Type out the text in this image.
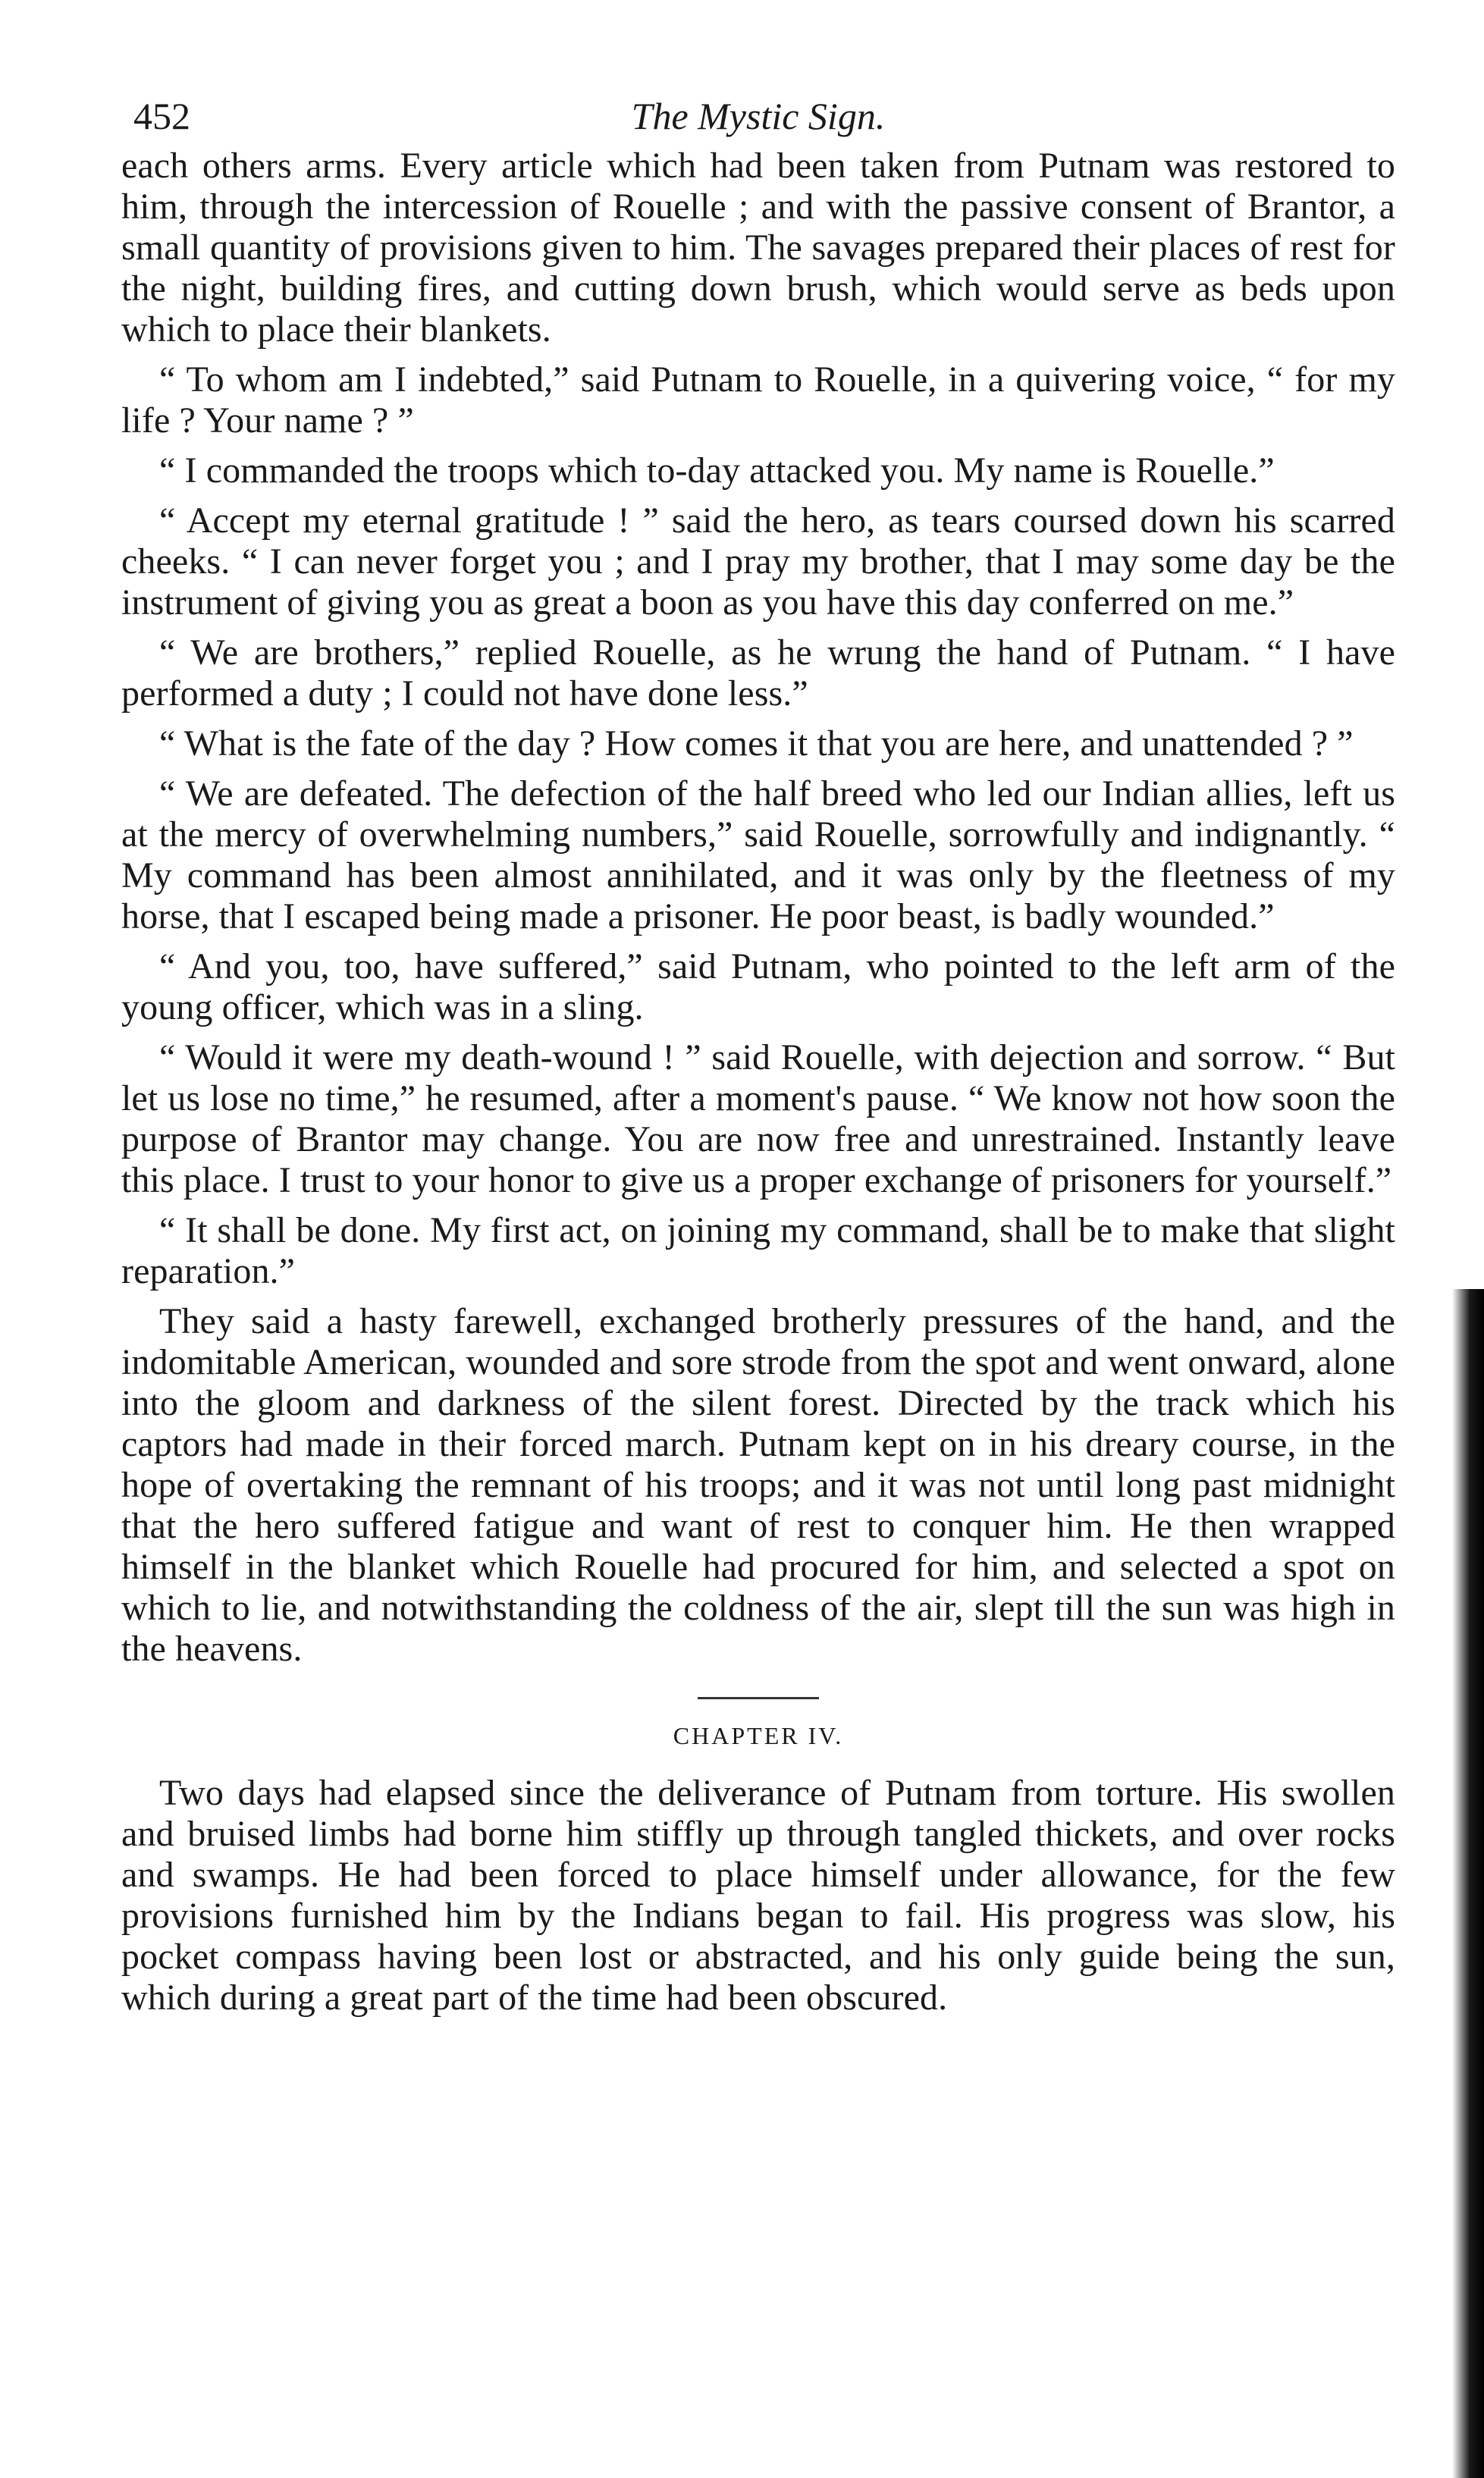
452	The Mystic Sign.

each others arms. Every article which had been taken from Putnam was restored to him, through the intercession of Rouelle ; and with the passive consent of Brantor, a small quantity of provisions given to him. The savages prepared their places of rest for the night, building fires, and cutting down brush, which would serve as beds upon which to place their blankets.

“ To whom am I indebted,” said Putnam to Rouelle, in a quivering voice, “ for my life ? Your name ? ”

“ I commanded the troops which to-day attacked you. My name is Rouelle.”

“ Accept my eternal gratitude ! ” said the hero, as tears coursed down his scarred cheeks. “ I can never forget you ; and I pray my brother, that I may some day be the instrument of giving you as great a boon as you have this day conferred on me.”

“ We are brothers,” replied Rouelle, as he wrung the hand of Putnam. “ I have performed a duty ; I could not have done less.”

“ What is the fate of the day ? How comes it that you are here, and unattended ? ”

“ We are defeated. The defection of the half breed who led our Indian allies, left us at the mercy of overwhelming numbers,” said Rouelle, sorrowfully and indignantly. “ My command has been almost annihilated, and it was only by the fleetness of my horse, that I escaped being made a prisoner. He poor beast, is badly wounded.”

“ And you, too, have suffered,” said Putnam, who pointed to the left arm of the young officer, which was in a sling.

“ Would it were my death-wound ! ” said Rouelle, with dejection and sorrow. “ But let us lose no time,” he resumed, after a moment's pause. “ We know not how soon the purpose of Brantor may change. You are now free and unrestrained. Instantly leave this place. I trust to your honor to give us a proper exchange of prisoners for yourself.”

“ It shall be done. My first act, on joining my command, shall be to make that slight reparation.”

They said a hasty farewell, exchanged brotherly pressures of the hand, and the indomitable American, wounded and sore strode from the spot and went onward, alone into the gloom and darkness of the silent forest. Directed by the track which his captors had made in their forced march. Putnam kept on in his dreary course, in the hope of overtaking the remnant of his troops; and it was not until long past midnight that the hero suffered fatigue and want of rest to conquer him. He then wrapped himself in the blanket which Rouelle had procured for him, and selected a spot on which to lie, and notwithstanding the coldness of the air, slept till the sun was high in the heavens.

CHAPTER IV.

Two days had elapsed since the deliverance of Putnam from torture. His swollen and bruised limbs had borne him stiffly up through tangled thickets, and over rocks and swamps. He had been forced to place himself under allowance, for the few provisions furnished him by the Indians began to fail. His progress was slow, his pocket compass having been lost or abstracted, and his only guide being the sun, which during a great part of the time had been obscured.
